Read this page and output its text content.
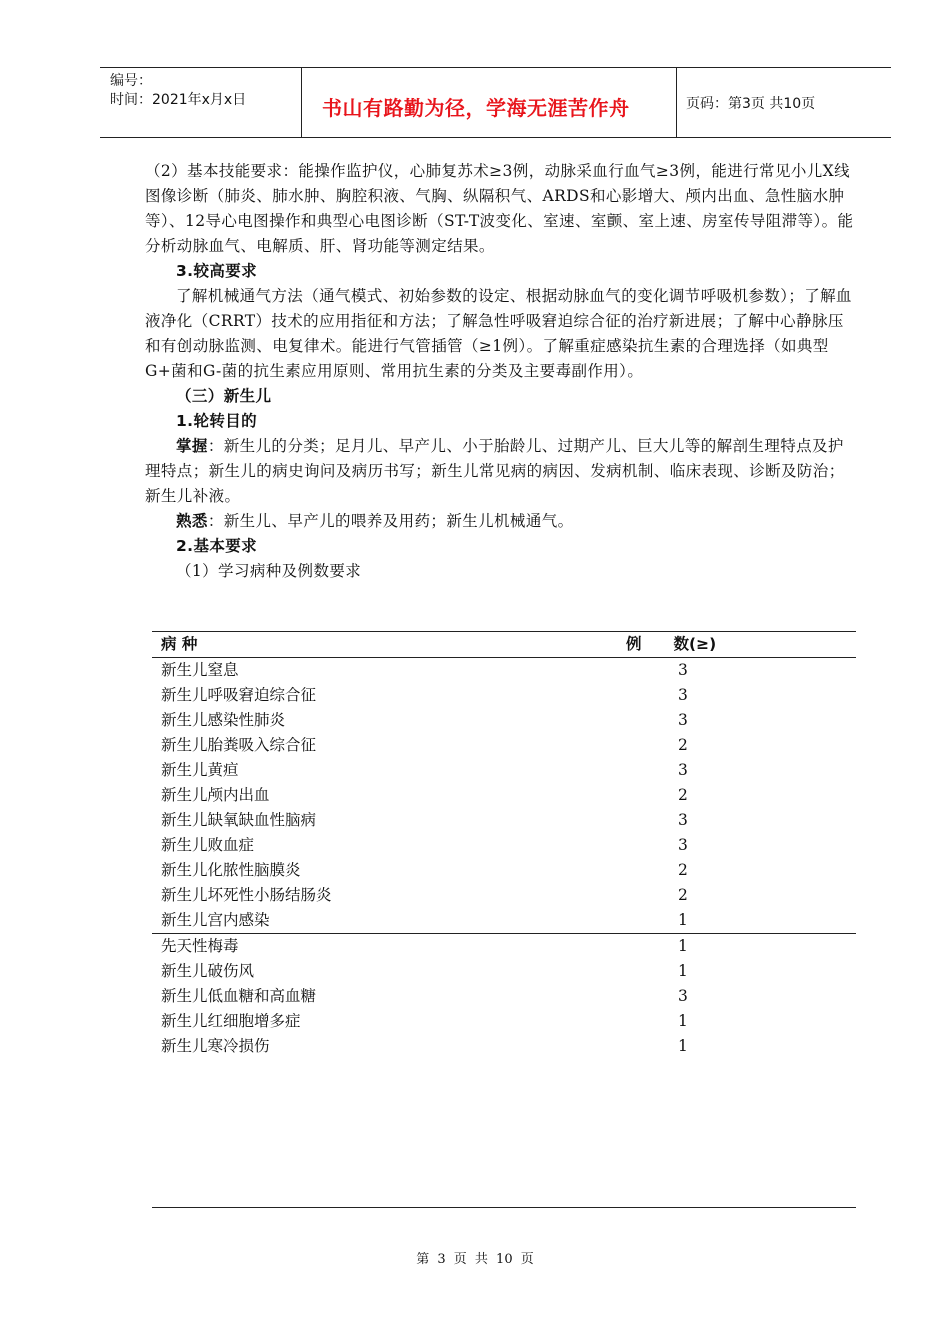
编号：
时间：2021年x月x日	书山有路勤为径，学海无涯苦作舟	页码：第3页 共10页

（2）基本技能要求：能操作监护仪，心肺复苏术≥3例，动脉采血行血气≥3例，能进行常见小儿X线图像诊断（肺炎、肺水肿、胸腔积液、气胸、纵隔积气、ARDS和心影增大、颅内出血、急性脑水肿等）、12导心电图操作和典型心电图诊断（ST-T波变化、室速、室颤、室上速、房室传导阻滞等）。能分析动脉血气、电解质、肝、肾功能等测定结果。

3.较高要求

了解机械通气方法（通气模式、初始参数的设定、根据动脉血气的变化调节呼吸机参数）；了解血液净化（CRRT）技术的应用指征和方法；了解急性呼吸窘迫综合征的治疗新进展；了解中心静脉压和有创动脉监测、电复律术。能进行气管插管（≥1例）。了解重症感染抗生素的合理选择（如典型G+菌和G-菌的抗生素应用原则、常用抗生素的分类及主要毒副作用）。

（三）新生儿

1.轮转目的

掌握：新生儿的分类；足月儿、早产儿、小于胎龄儿、过期产儿、巨大儿等的解剖生理特点及护理特点；新生儿的病史询问及病历书写；新生儿常见病的病因、发病机制、临床表现、诊断及防治；新生儿补液。

熟悉：新生儿、早产儿的喂养及用药；新生儿机械通气。

2.基本要求

（1）学习病种及例数要求

病 种	例 数(≥)
新生儿窒息	3
新生儿呼吸窘迫综合征	3
新生儿感染性肺炎	3
新生儿胎粪吸入综合征	2
新生儿黄疸	3
新生儿颅内出血	2
新生儿缺氧缺血性脑病	3
新生儿败血症	3
新生儿化脓性脑膜炎	2
新生儿坏死性小肠结肠炎	2
新生儿宫内感染	1
先天性梅毒	1
新生儿破伤风	1
新生儿低血糖和高血糖	3
新生儿红细胞增多症	1
新生儿寒冷损伤	1
第 3 页 共 10 页
